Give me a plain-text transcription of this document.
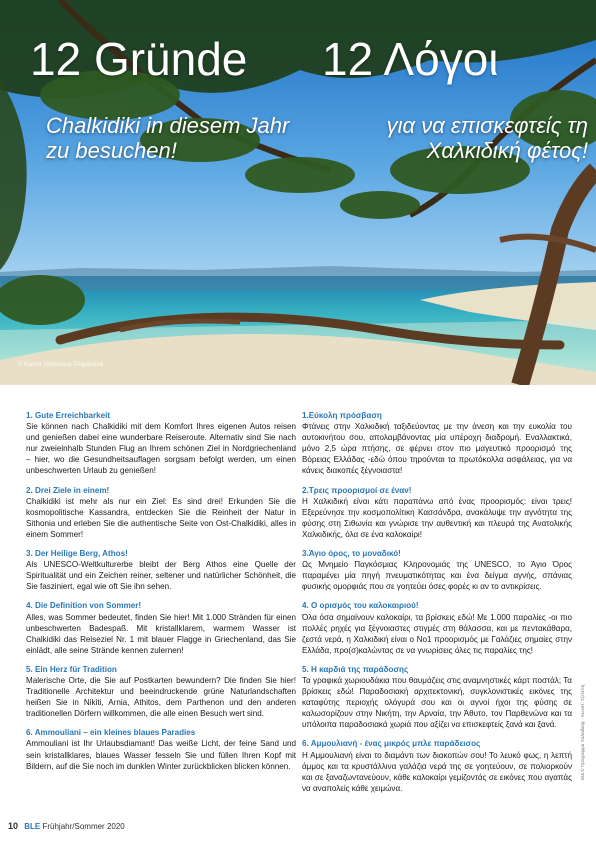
12 Gründe 12 Λόγοι
Chalkidiki in diesem Jahr zu besuchen!
για να επισκεφτείς τη Χαλκιδική φέτος!
© Karina Yordanova Tsilipanova

1. Gute Erreichbarkeit

Sie können nach Chalkidiki mit dem Komfort Ihres eigenen Autos reisen und genießen dabei eine wunderbare Reiseroute. Alternativ sind Sie nach nur zweieinhalb Stunden Flug an Ihrem schönen Ziel in Nordgriechenland – hier, wo die Gesundheitsauflagen sorgsam befolgt werden, um einen unbeschwerten Urlaub zu genießen!

2. Drei Ziele in einem!

Chalkidiki ist mehr als nur ein Ziel: Es sind drei! Erkunden Sie die kosmopolitische Kassandra, entdecken Sie die Reinheit der Natur in Sithonia und erleben Sie die authentische Seite von Ost-Chalkidiki, alles in einem Sommer!

3. Der Heilige Berg, Athos!

Als UNESCO-Weltkulturerbe bleibt der Berg Athos eine Quelle der Spiritualität und ein Zeichen reiner, seltener und natürlicher Schönheit, die Sie fasziniert, egal wie oft Sie ihn sehen.

4. Die Definition von Sommer!

Alles, was Sommer bedeutet, finden Sie hier! Mit 1.000 Stränden für einen unbeschwerten Badespaß. Mit kristallklarem, warmem Wasser ist Chalkidiki das Reiseziel Nr. 1 mit blauer Flagge in Griechenland, das Sie einlädt, alle seine Strände kennen zulernen!

5. Ein Herz für Tradition

Malerische Orte, die Sie auf Postkarten bewundern? Die finden Sie hier! Traditionelle Architektur und beeindruckende grüne Naturlandschaften heißen Sie in Nikiti, Arnia, Athitos, dem Parthenon und den anderen traditionellen Dörfern willkommen, die alle einen Besuch wert sind.

6. Ammouliani – ein kleines blaues Paradies

Ammouliani ist Ihr Urlaubsdiamant! Das weiße Licht, der feine Sand und sein kristallklares, blaues Wasser fesseln Sie und füllen Ihren Kopf mit Bildern, auf die Sie noch im dunklen Winter zurückblicken blicken können.

1.Εύκολη πρόσβαση

Φτάνεις στην Χαλκιδική ταξιδεύοντας με την άνεση και την ευκολία του αυτοκινήτου σου, απολαμβάνοντας μία υπέροχη διαδρομή. Εναλλακτικά, μόνο 2,5 ώρα πτήσης, σε φέρνει στον πιο μαγευτικό προορισμό της Βόρειας Ελλάδας -εδώ όπου τηρούνται τα πρωτόκολλα ασφάλειας, για να κάνεις διακοπές ξέγνοιαστα!

2.Τρεις προορισμοί σε έναν!

Η Χαλκιδική είναι κάτι παραπάνω από ένας προορισμός: είναι τρεις! Εξερεύνησε την κοσμοπολίτικη Κασσάνδρα, ανακάλυψε την αγνότητα της φύσης στη Σιθωνία και γνώρισε την αυθεντική και πλευρά της Ανατολικής Χαλκιδικής, όλα σε ένα καλοκαίρι!

3.Άγιο όρος, το μοναδικό!

Ως Μνημείο Παγκόσμιας Κληρονομιάς της UNESCO, το Άγιο Όρος παραμένει μία πηγή πνευματικότητας και ένα δείγμα αγνής, σπάνιας φυσικής ομορφιάς που σε γοητεύει όσες φορές κι αν το αντικρίσεις.

4. Ο ορισμός του καλοκαιριού!

Όλα όσα σημαίνουν καλοκαίρι, τα βρίσκεις εδώ! Με 1.000 παραλίες -οι πιο πολλές ρηχές για ξέγνοιαστες στιγμές στη θάλασσα, και με πεντακάθαρα, ζεστά νερά, η Χαλκιδική είναι ο Νο1 προορισμός με Γαλάζιες σημαίες στην Ελλάδα, προ(σ)καλώντας σε να γνωρίσεις όλες τις παραλίες της!

5. Η καρδιά της παράδοσης

Τα γραφικά χωριουδάκια που θαυμάζεις στις αναμνηστικές κάρτ ποστάλ; Τα βρίσκεις εδώ! Παραδοσιακή αρχιτεκτονική, συγκλονιστικές εικόνες της καταφύτης περιοχής ολόγυρά σου και οι αγνοί ήχοι της φύσης σε καλωσορίζουν στην Νικήτη, την Αρναία, την Άθυτο, τον Παρθενώνα και τα υπόλοιπα παραδοσιακά χωριά που αξίζει να επισκεφτείς ξανά και ξανά.

6. Αμμουλιανή - ένας μικρός μπλε παράδεισος

Η Αμμουλιανή είναι το διαμάντι των διακοπών σου! Το λευκό φως, η λεπτή άμμος και τα κρυστάλλινα γαλάζια νερά της σε γοητεύουν, σε πολιορκούν και σε ξαναζωντανεύουν, κάθε καλοκαίρι γεμίζοντάς σε εικόνες που αγαπάς να αναπολείς κάθε χειμώνα.

ΒΙΔ © Πρόγραμμα Χαλκιδικής - Κωνστ. Τζελέπη
10 BLE Frühjahr/Sommer 2020
